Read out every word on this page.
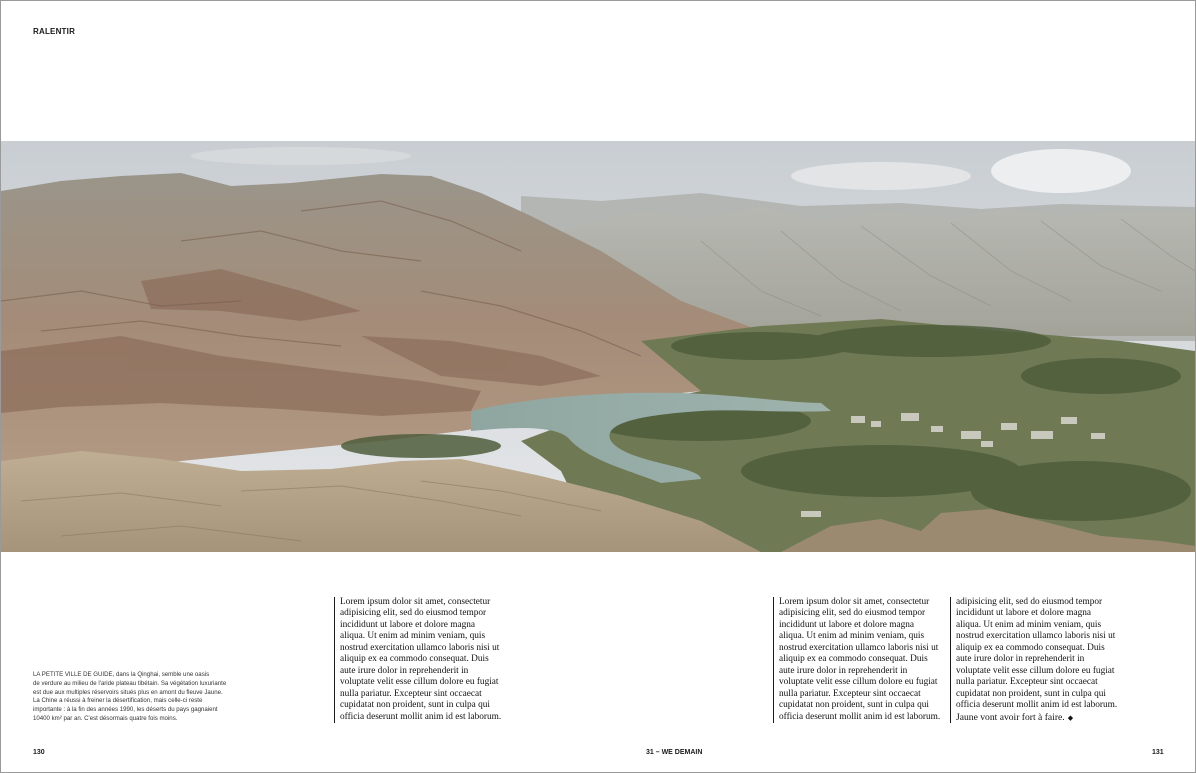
RALENTIR
LA PETITE VILLE DE GUIDE, dans la Qinghai, semble une oasis
de verdure au milieu de l'aride plateau tibétain. Sa végétation luxuriante
est due aux multiples réservoirs situés plus en amont du fleuve Jaune.
La Chine a réussi à freiner la désertification, mais celle-ci reste
importante : à la fin des années 1990, les déserts du pays gagnaient
10400 km² par an. C'est désormais quatre fois moins.

Lorem ipsum dolor sit amet, consectetur

adipisicing elit, sed do eiusmod tempor

incididunt ut labore et dolore magna

aliqua. Ut enim ad minim veniam, quis

nostrud exercitation ullamco laboris nisi ut

aliquip ex ea commodo consequat. Duis

aute irure dolor in reprehenderit in

voluptate velit esse cillum dolore eu fugiat

nulla pariatur. Excepteur sint occaecat

cupidatat non proident, sunt in culpa qui

officia deserunt mollit anim id est laborum.

Lorem ipsum dolor sit amet, consectetur

adipisicing elit, sed do eiusmod tempor

incididunt ut labore et dolore magna

aliqua. Ut enim ad minim veniam, quis

nostrud exercitation ullamco laboris nisi ut

aliquip ex ea commodo consequat. Duis

aute irure dolor in reprehenderit in

voluptate velit esse cillum dolore eu fugiat

nulla pariatur. Excepteur sint occaecat

cupidatat non proident, sunt in culpa qui

officia deserunt mollit anim id est laborum.

adipisicing elit, sed do eiusmod tempor

incididunt ut labore et dolore magna

aliqua. Ut enim ad minim veniam, quis

nostrud exercitation ullamco laboris nisi ut

aliquip ex ea commodo consequat. Duis

aute irure dolor in reprehenderit in

voluptate velit esse cillum dolore eu fugiat

nulla pariatur. Excepteur sint occaecat

cupidatat non proident, sunt in culpa qui

officia deserunt mollit anim id est laborum.

Jaune vont avoir fort à faire. ◆

130	31 – WE DEMAIN	131
